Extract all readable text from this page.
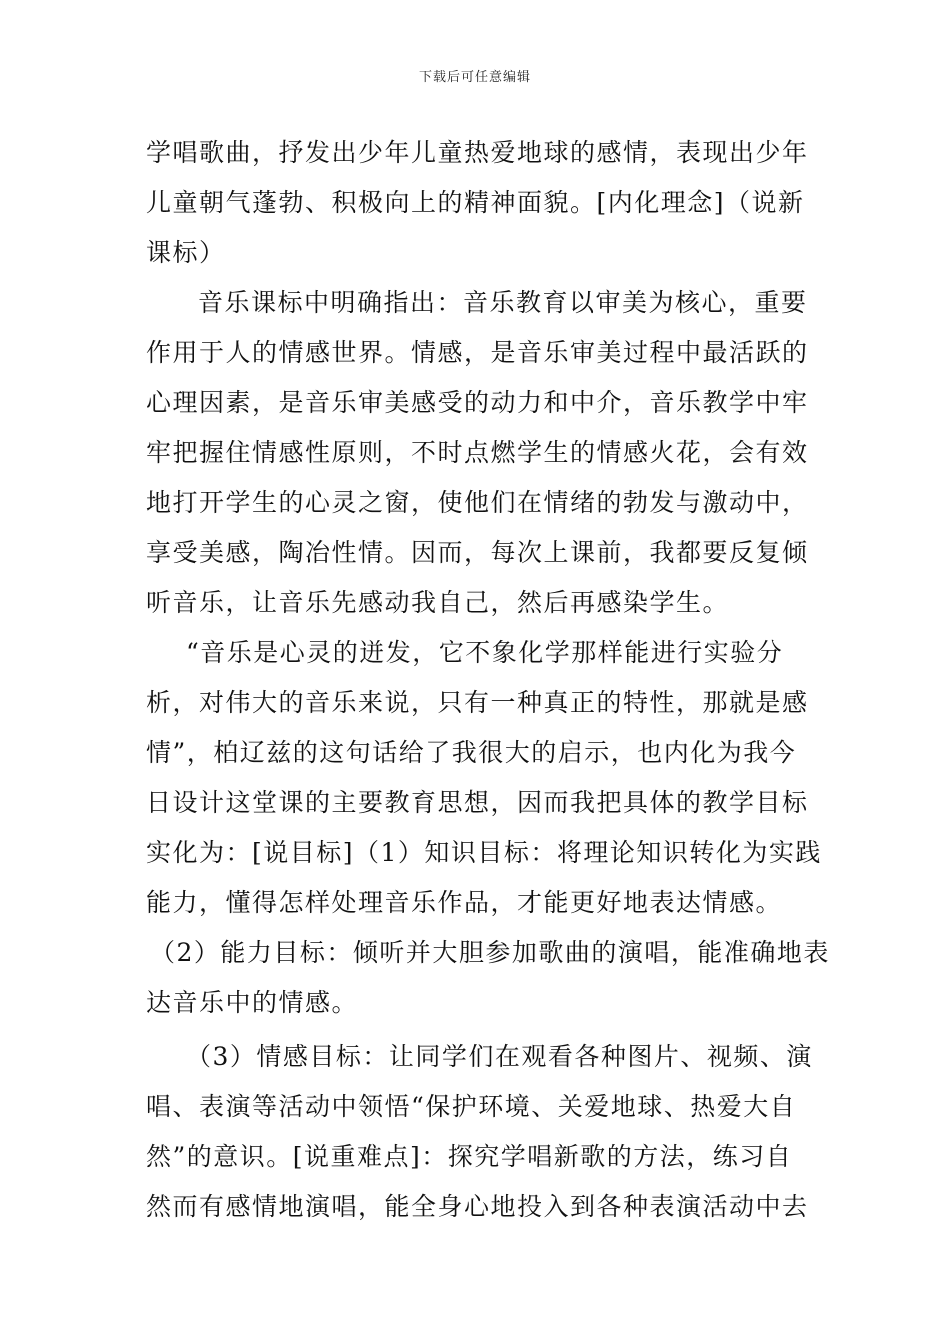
下载后可任意编辑
学唱歌曲，抒发出少年儿童热爱地球的感情，表现出少年
儿童朝气蓬勃、积极向上的精神面貌。[内化理念]（说新
课标）
音乐课标中明确指出：音乐教育以审美为核心，重要
作用于人的情感世界。情感，是音乐审美过程中最活跃的
心理因素，是音乐审美感受的动力和中介，音乐教学中牢
牢把握住情感性原则，不时点燃学生的情感火花，会有效
地打开学生的心灵之窗，使他们在情绪的勃发与激动中，
享受美感，陶冶性情。因而，每次上课前，我都要反复倾
听音乐，让音乐先感动我自己，然后再感染学生。
“音乐是心灵的迸发，它不象化学那样能进行实验分
析，对伟大的音乐来说，只有一种真正的特性，那就是感
情”，柏辽兹的这句话给了我很大的启示，也内化为我今
日设计这堂课的主要教育思想，因而我把具体的教学目标
实化为：[说目标]（1）知识目标：将理论知识转化为实践
能力，懂得怎样处理音乐作品，才能更好地表达情感。
（2）能力目标：倾听并大胆参加歌曲的演唱，能准确地表
达音乐中的情感。
（3）情感目标：让同学们在观看各种图片、视频、演
唱、表演等活动中领悟“保护环境、关爱地球、热爱大自
然”的意识。[说重难点]：探究学唱新歌的方法，练习自
然而有感情地演唱，能全身心地投入到各种表演活动中去
